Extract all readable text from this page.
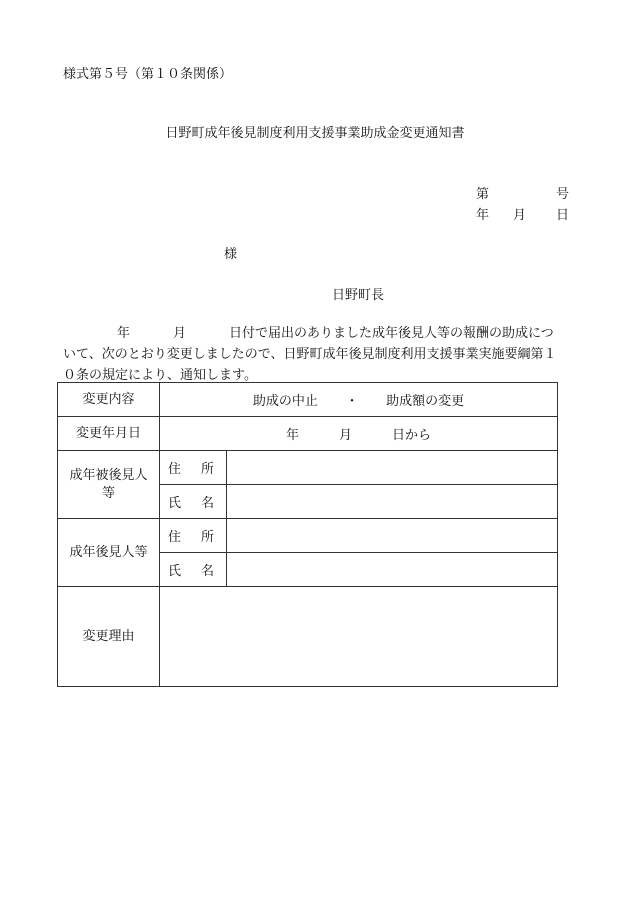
様式第５号（第１０条関係）
日野町成年後見制度利用支援事業助成金変更通知書
第	号
年 月 日
様
日野町長
年	月	日付で届出のありました成年後見人等の報酬の助成につ
いて、次のとおり変更しましたので、日野町成年後見制度利用支援事業実施要綱第１
０条の規定により、通知します。
変更内容	助成の中止 ・ 助成額の変更	
変更年月日	年 月 日から	
成年被後見人等	住所	
	氏名	
成年後見人等	住所	
	氏名	
変更理由		
